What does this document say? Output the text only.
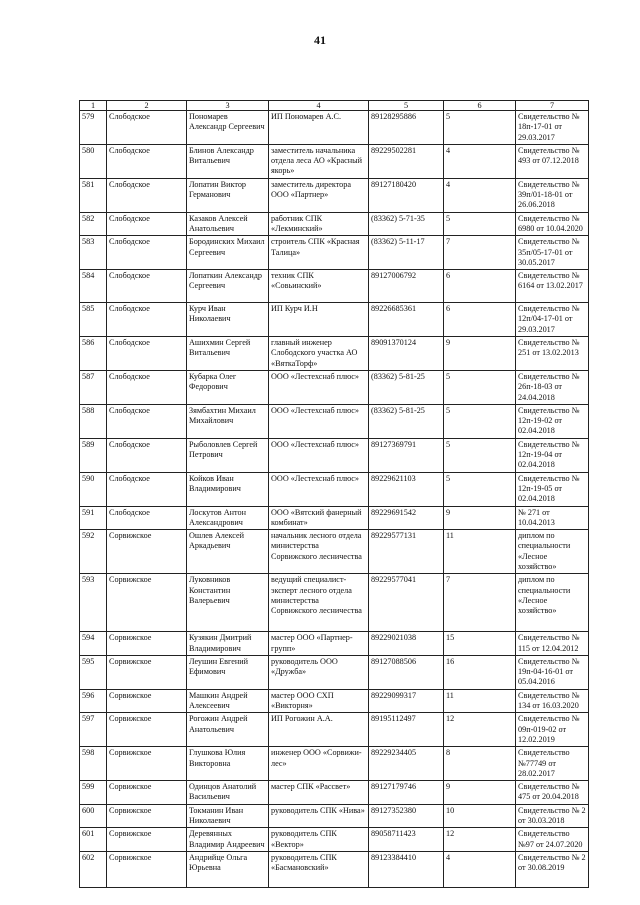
41
1	2	3	4	5	6	7
579	Слободское	Пономарев Александр Сергеевич	ИП Пономарев А.С.	89128295886	5	Свидетельство № 18п-17-01 от 29.03.2017
580	Слободское	Блинов Александр Витальевич	заместитель начальника отдела леса АО «Красный якорь»	89229502281	4	Свидетельство № 493 от 07.12.2018
581	Слободское	Лопатин Виктор Германович	заместитель директора ООО «Партнер»	89127180420	4	Свидетельство № 39п/01-18-01 от 26.06.2018
582	Слободское	Казаков Алексей Анатольевич	работник СПК «Лекминский»	(83362) 5-71-35	5	Свидетельство № 6980 от 10.04.2020
583	Слободское	Бородинских Михаил Сергеевич	строитель СПК «Красная Талица»	(83362) 5-11-17	7	Свидетельство № 35п/05-17-01 от 30.05.2017
584	Слободское	Лопаткин Александр Сергеевич	техник СПК «Совьинский»	89127006792	6	Свидетельство № 6164 от 13.02.2017
585	Слободское	Курч Иван Николаевич	ИП Курч И.Н	89226685361	6	Свидетельство № 12п/04-17-01 от 29.03.2017
586	Слободское	Ашихмин Сергей Витальевич	главный инженер Слободского участка АО «ВяткаТорф»	89091370124	9	Свидетельство № 251 от 13.02.2013
587	Слободское	Кубарка Олег Федорович	ООО «Лестехснаб плюс»	(83362) 5-81-25	5	Свидетельство № 26п-18-03 от 24.04.2018
588	Слободское	Зямбахтин Михаил Михайлович	ООО «Лестехснаб плюс»	(83362) 5-81-25	5	Свидетельство № 12п-19-02 от 02.04.2018
589	Слободское	Рыболовлев Сергей Петрович	ООО «Лестехснаб плюс»	89127369791	5	Свидетельство № 12п-19-04 от 02.04.2018
590	Слободское	Койков Иван Владимирович	ООО «Лестехснаб плюс»	89229621103	5	Свидетельство № 12п-19-05 от 02.04.2018
591	Слободское	Лоскутов Антон Александрович	ООО «Вятский фанерный комбинат»	89229691542	9	№ 271 от 10.04.2013
592	Сорвижское	Ошлев Алексей Аркадьевич	начальник лесного отдела министерства Сорвижского лесничества	89229577131	11	диплом по специальности «Лесное хозяйство»
593	Сорвижское	Луковников Константин Валерьевич	ведущий специалист-эксперт лесного отдела министерства Сорвижского лесничества	89229577041	7	диплом по специальности «Лесное хозяйство»
594	Сорвижское	Кузякин Дмитрий Владимирович	мастер ООО «Партнер-групп»	89229021038	15	Свидетельство № 115 от 12.04.2012
595	Сорвижское	Леушин Евгений Ефимович	руководитель ООО «Дружба»	89127088506	16	Свидетельство № 19п-04-16-01 от 05.04.2016
596	Сорвижское	Машкин Андрей Алексеевич	мастер ООО СХП «Викторня»	89229099317	11	Свидетельство № 134 от 16.03.2020
597	Сорвижское	Рогожин Андрей Анатольевич	ИП Рогожин А.А.	89195112497	12	Свидетельство № 09п-019-02 от 12.02.2019
598	Сорвижское	Глушкова Юлия Викторовна	инженер ООО «Сорвижи-лес»	89229234405	8	Свидетельство №77749 от 28.02.2017
599	Сорвижское	Одинцов Анатолий Васильевич	мастер СПК «Рассвет»	89127179746	9	Свидетельство № 475 от 20.04.2018
600	Сорвижское	Токманин Иван Николаевич	руководитель СПК «Нива»	89127352380	10	Свидетельство № 2 от 30.03.2018
601	Сорвижское	Деревянных Владимир Андреевич	руководитель СПК «Вектор»	89058711423	12	Свидетельство №97 от 24.07.2020
602	Сорвижское	Андрийце Ольга Юрьевна	руководитель СПК «Басмановский»	89123384410	4	Свидетельство № 2 от 30.08.2019
